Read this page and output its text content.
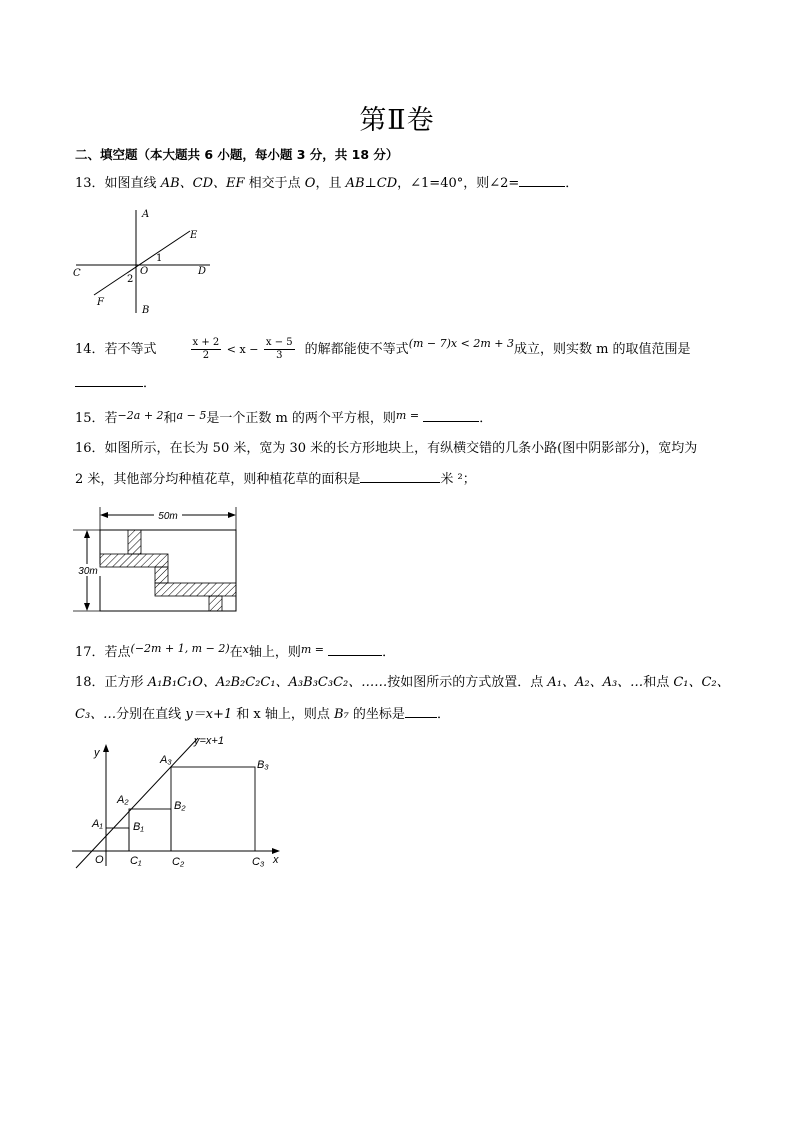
第Ⅱ卷
二、填空题（本大题共 6 小题，每小题 3 分，共 18 分）
13．如图直线 AB、CD、EF 相交于点 O，且 AB⊥CD，∠1=40°，则∠2=	．
A
B
C	D
E
F
O
1
2
14．若不等式	$\frac{x + 2}{2} < x - \frac{x - 5}{3}$ 的解都能使不等式$^{(m - 7)x < 2m + 3}$成立，则实数 m 的取值范围是
．
15．若$^{-2a + 2}$和$^{a - 5}$是一个正数 m 的两个平方根，则$^{m =}$	．
16．如图所示，在长为 50 米，宽为 30 米的长方形地块上，有纵横交错的几条小路(图中阴影部分)，宽均为
2 米，其他部分均种植花草，则种植花草的面积是	米 ²；
50m
30m
17．若点$^{(-2m + 1, m - 2)}$在$^x$轴上，则$^{m =}$	．
18．正方形 A₁B₁C₁O、A₂B₂C₂C₁、A₃B₃C₃C₂、……按如图所示的方式放置．点 A₁、A₂、A₃、…和点 C₁、C₂、
C₃、…分别在直线 y＝x+1 和 x 轴上，则点 B₇ 的坐标是 ．
y=x+1
y
x
O
A₁
A₂
A₃
B₁
B₂
B₃
C₁	C₂	C₃
